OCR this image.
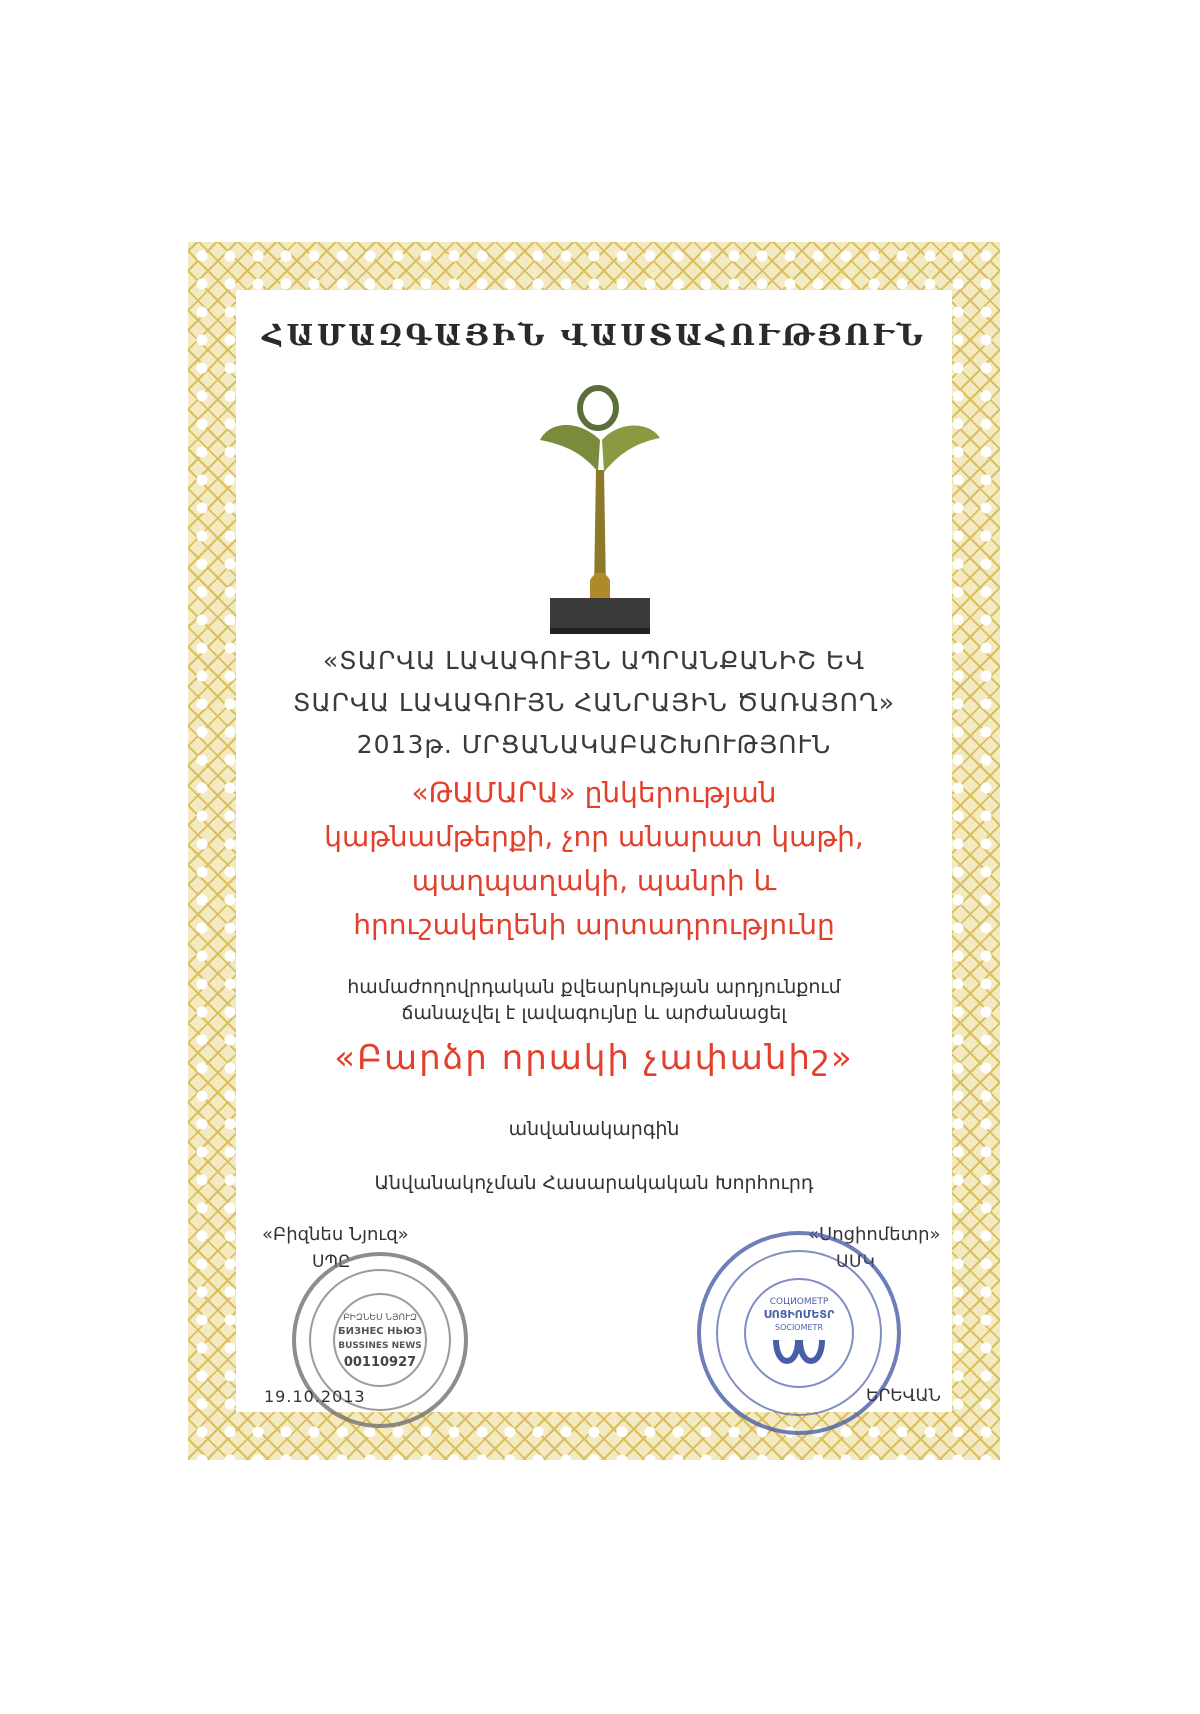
ՀԱՄԱԶԳԱՅԻՆ ՎԱՍՏԱՀՈՒԹՅՈՒՆ

«ՏԱՐՎԱ ԼԱՎԱԳՈՒՅՆ ԱՊՐԱՆՔԱՆԻՇ ԵՎ

ՏԱՐՎԱ ԼԱՎԱԳՈՒՅՆ ՀԱՆՐԱՅԻՆ ԾԱՌԱՅՈՂ»

2013թ. ՄՐՑԱՆԱԿԱԲԱՇԽՈՒԹՅՈՒՆ

«ԹԱՄԱՐԱ» ընկերության

կաթնամթերքի, չոր անարատ կաթի,

պաղպաղակի, պանրի և

հրուշակեղենի արտադրությունը

համաժողովրդական քվեարկության արդյունքում

ճանաչվել է լավագույնը և արժանացել

«Բարձր որակի չափանիշ»

անվանակարգին

Անվանակոչման Հասարակական Խորհուրդ

«Բիզնես Նյուզ»
ՍՊԸ
«Սոցիոմետր»
ԱՄԿ
ԲԻԶՆԵՍ ՆՅՈՒԶ
БИЗНЕС НЬЮЗ
BUSSINES NEWS
00110927
СОЦИОМЕТР
ՍՈՑԻՈՄԵՏՐ
SOCIOMETR
19.10.2013	ԵՐԵՎԱՆ
